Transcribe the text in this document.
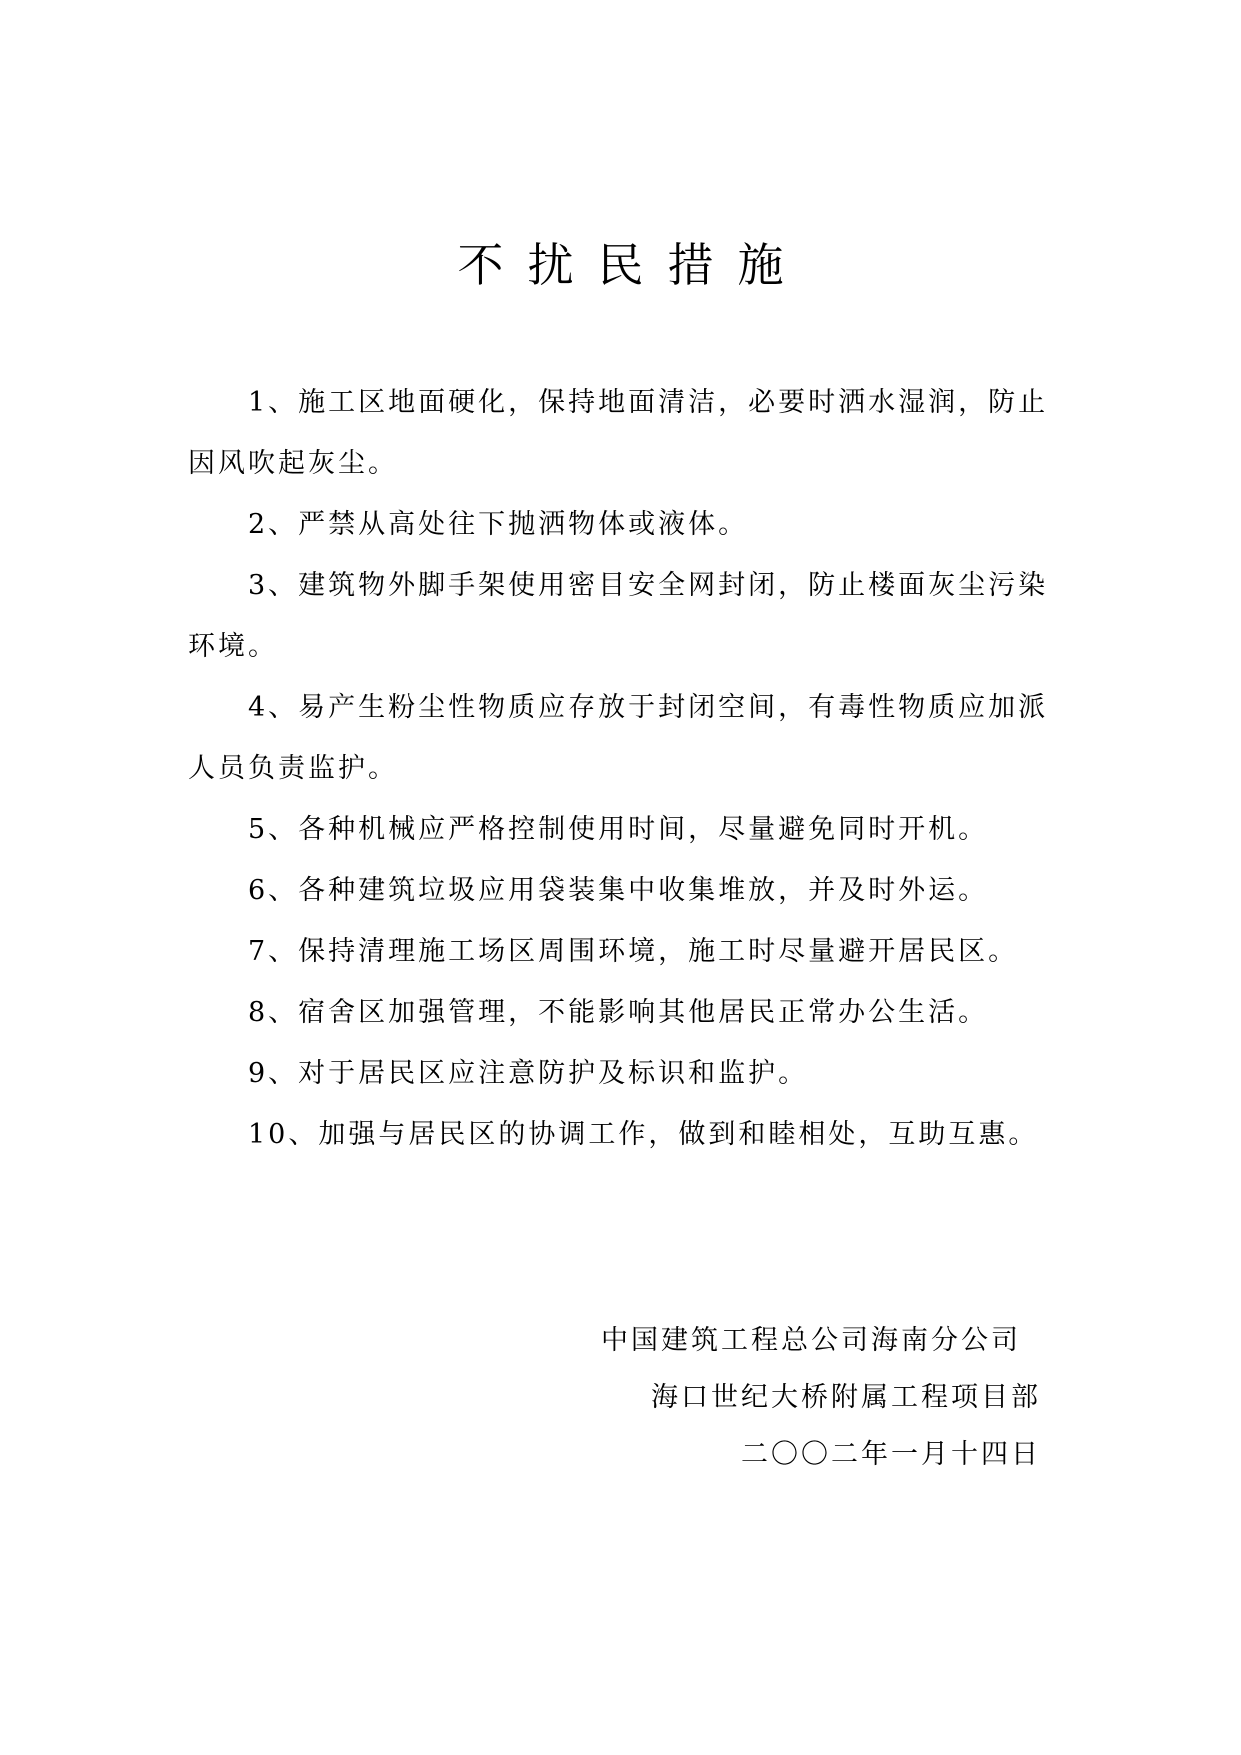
不扰民措施

1、施工区地面硬化，保持地面清洁，必要时洒水湿润，防止因风吹起灰尘。

2、严禁从高处往下抛洒物体或液体。

3、建筑物外脚手架使用密目安全网封闭，防止楼面灰尘污染环境。

4、易产生粉尘性物质应存放于封闭空间，有毒性物质应加派人员负责监护。

5、各种机械应严格控制使用时间，尽量避免同时开机。

6、各种建筑垃圾应用袋装集中收集堆放，并及时外运。

7、保持清理施工场区周围环境，施工时尽量避开居民区。

8、宿舍区加强管理，不能影响其他居民正常办公生活。

9、对于居民区应注意防护及标识和监护。

10、加强与居民区的协调工作，做到和睦相处，互助互惠。

中国建筑工程总公司海南分公司
海口世纪大桥附属工程项目部
二〇〇二年一月十四日
